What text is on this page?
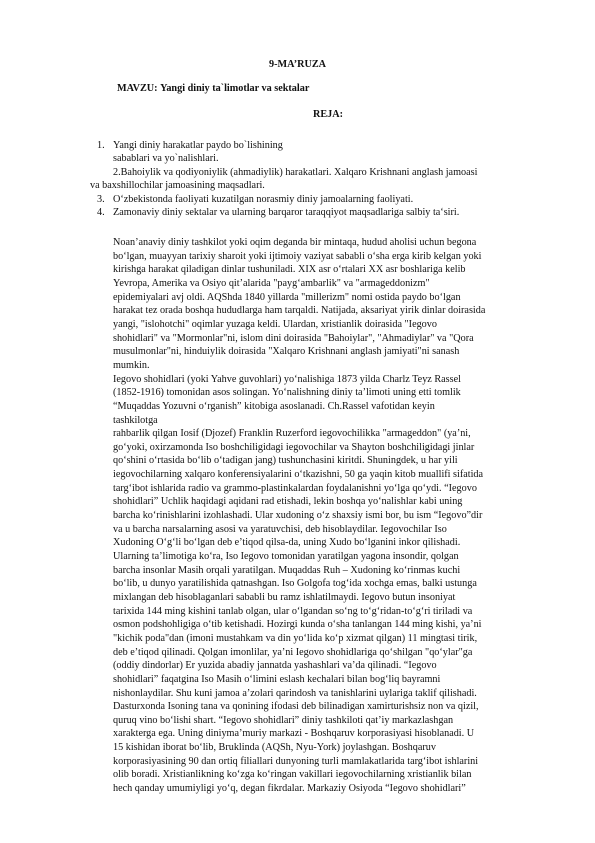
9-MA’RUZA
MAVZU: Yangi diniy ta`limotlar va sektalar
REJA:
1. Yangi diniy harakatlar paydo bo`lishining
sabablari va yo`nalishlari.
2.Bahoiylik va qodiyoniylik (ahmadiylik) harakatlari. Xalqaro Krishnani anglash jamoasi
va baxshillochilar jamoasining maqsadlari.
3. O‘zbekistonda faoliyati kuzatilgan norasmiy diniy jamoalarning faoliyati.
4. Zamonaviy diniy sektalar va ularning barqaror taraqqiyot maqsadlariga salbiy ta‘siri.
Noan’anaviy diniy tashkilot yoki oqim deganda bir mintaqa, hudud aholisi uchun begona
bo‘lgan, muayyan tarixiy sharoit yoki ijtimoiy vaziyat sababli o‘sha erga kirib kelgan yoki
kirishga harakat qiladigan dinlar tushuniladi. XIX asr o‘rtalari XX asr boshlariga kelib
Yevropa, Amerika va Osiyo qit’alarida "payg‘ambarlik" va "armageddonizm"
epidemiyalari avj oldi. AQShda 1840 yillarda "millerizm" nomi ostida paydo bo‘lgan
harakat tez orada boshqa hududlarga ham tarqaldi. Natijada, aksariyat yirik dinlar doirasida
yangi, "islohotchi" oqimlar yuzaga keldi. Ulardan, xristianlik doirasida "Iegovo
shohidlari" va "Mormonlar"ni, islom dini doirasida "Bahoiylar", "Ahmadiylar" va "Qora
musulmonlar"ni, hinduiylik doirasida "Xalqaro Krishnani anglash jamiyati"ni sanash
mumkin.
Iegovo shohidlari (yoki Yahve guvohlari) yo‘nalishiga 1873 yilda Charlz Teyz Rassel
(1852-1916) tomonidan asos solingan. Yo‘nalishning diniy ta’limoti uning etti tomlik
“Muqaddas Yozuvni o‘rganish” kitobiga asoslanadi. Ch.Rassel vafotidan keyin
tashkilotga
rahbarlik qilgan Iosif (Djozef) Franklin Ruzerford iegovochilikka "armageddon" (ya’ni,
go‘yoki, oxirzamonda Iso boshchiligidagi iegovochilar va Shayton boshchiligidagi jinlar
qo‘shini o‘rtasida bo‘lib o‘tadigan jang) tushunchasini kiritdi. Shuningdek, u har yili
iegovochilarning xalqaro konferensiyalarini o‘tkazishni, 50 ga yaqin kitob muallifi sifatida
targ‘ibot ishlarida radio va grammo-plastinkalardan foydalanishni yo‘lga qo‘ydi. “Iegovo
shohidlari” Uchlik haqidagi aqidani rad etishadi, lekin boshqa yo‘nalishlar kabi uning
barcha ko‘rinishlarini izohlashadi. Ular xudoning o‘z shaxsiy ismi bor, bu ism “Iegovo”dir
va u barcha narsalarning asosi va yaratuvchisi, deb hisoblaydilar. Iegovochilar Iso
Xudoning O‘g‘li bo‘lgan deb e’tiqod qilsa-da, uning Xudo bo‘lganini inkor qilishadi.
Ularning ta’limotiga ko‘ra, Iso Iegovo tomonidan yaratilgan yagona insondir, qolgan
barcha insonlar Masih orqali yaratilgan. Muqaddas Ruh – Xudoning ko‘rinmas kuchi
bo‘lib, u dunyo yaratilishida qatnashgan. Iso Golgofa tog‘ida xochga emas, balki ustunga
mixlangan deb hisoblaganlari sababli bu ramz ishlatilmaydi. Iegovo butun insoniyat
tarixida 144 ming kishini tanlab olgan, ular o‘lgandan so‘ng to‘g‘ridan-to‘g‘ri tiriladi va
osmon podshohligiga o‘tib ketishadi. Hozirgi kunda o‘sha tanlangan 144 ming kishi, ya’ni
"kichik poda"dan (imoni mustahkam va din yo‘lida ko‘p xizmat qilgan) 11 mingtasi tirik,
deb e’tiqod qilinadi. Qolgan imonlilar, ya’ni Iegovo shohidlariga qo‘shilgan "qo‘ylar"ga
(oddiy dindorlar) Er yuzida abadiy jannatda yashashlari va’da qilinadi. “Iegovo
shohidlari” faqatgina Iso Masih o‘limini eslash kechalari bilan bog‘liq bayramni
nishonlaydilar. Shu kuni jamoa a’zolari qarindosh va tanishlarini uylariga taklif qilishadi.
Dasturxonda Isoning tana va qonining ifodasi deb bilinadigan xamirturishsiz non va qizil,
quruq vino bo‘lishi shart. “Iegovo shohidlari” diniy tashkiloti qat’iy markazlashgan
xarakterga ega. Uning diniyma’muriy markazi - Boshqaruv korporasiyasi hisoblanadi. U
15 kishidan iborat bo‘lib, Bruklinda (AQSh, Nyu-York) joylashgan. Boshqaruv
korporasiyasining 90 dan ortiq filiallari dunyoning turli mamlakatlarida targ‘ibot ishlarini
olib boradi. Xristianlikning ko‘zga ko‘ringan vakillari iegovochilarning xristianlik bilan
hech qanday umumiyligi yo‘q, degan fikrdalar. Markaziy Osiyoda “Iegovo shohidlari”
